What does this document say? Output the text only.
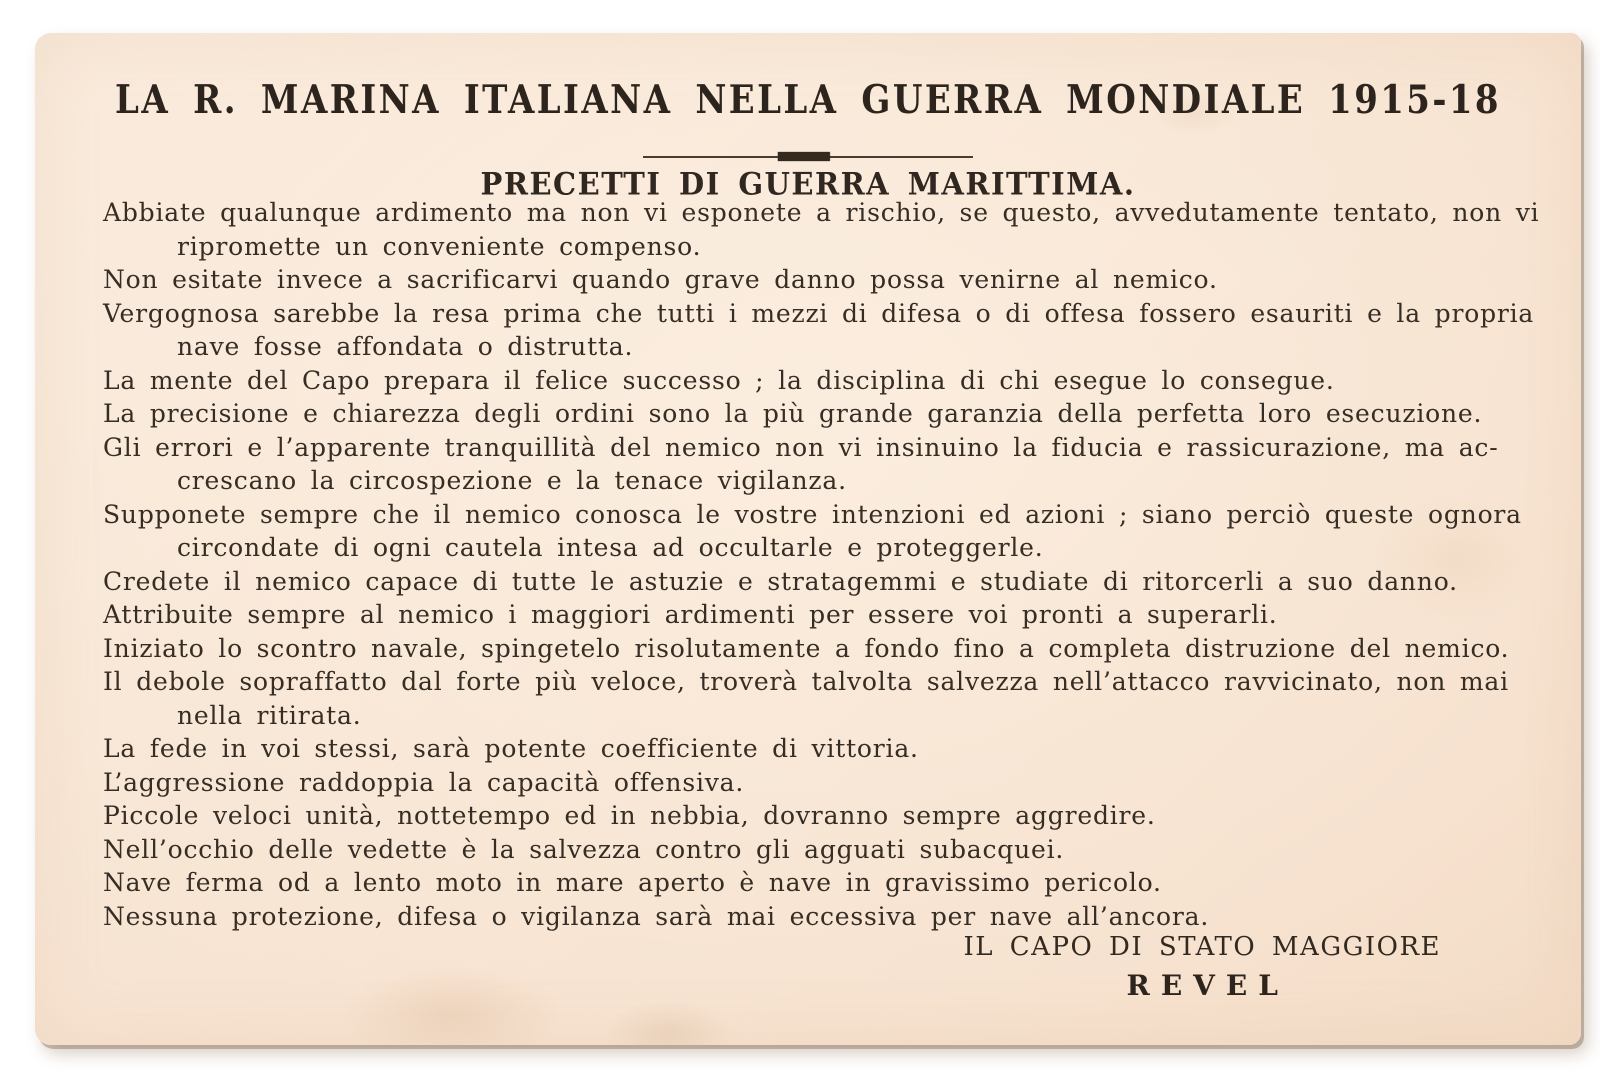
LA R. MARINA ITALIANA NELLA GUERRA MONDIALE 1915-18
PRECETTI DI GUERRA MARITTIMA.
Abbiate qualunque ardimento ma non vi esponete a rischio, se questo, avvedutamente tentato, non vi
ripromette un conveniente compenso.
Non esitate invece a sacrificarvi quando grave danno possa venirne al nemico.
Vergognosa sarebbe la resa prima che tutti i mezzi di difesa o di offesa fossero esauriti e la propria
nave fosse affondata o distrutta.
La mente del Capo prepara il felice successo ; la disciplina di chi esegue lo consegue.
La precisione e chiarezza degli ordini sono la più grande garanzia della perfetta loro esecuzione.
Gli errori e l’apparente tranquillità del nemico non vi insinuino la fiducia e rassicurazione, ma ac-
crescano la circospezione e la tenace vigilanza.
Supponete sempre che il nemico conosca le vostre intenzioni ed azioni ; siano perciò queste ognora
circondate di ogni cautela intesa ad occultarle e proteggerle.
Credete il nemico capace di tutte le astuzie e stratagemmi e studiate di ritorcerli a suo danno.
Attribuite sempre al nemico i maggiori ardimenti per essere voi pronti a superarli.
Iniziato lo scontro navale, spingetelo risolutamente a fondo fino a completa distruzione del nemico.
Il debole sopraffatto dal forte più veloce, troverà talvolta salvezza nell’attacco ravvicinato, non mai
nella ritirata.
La fede in voi stessi, sarà potente coefficiente di vittoria.
L’aggressione raddoppia la capacità offensiva.
Piccole veloci unità, nottetempo ed in nebbia, dovranno sempre aggredire.
Nell’occhio delle vedette è la salvezza contro gli agguati subacquei.
Nave ferma od a lento moto in mare aperto è nave in gravissimo pericolo.
Nessuna protezione, difesa o vigilanza sarà mai eccessiva per nave all’ancora.
IL CAPO DI STATO MAGGIORE
REVEL
